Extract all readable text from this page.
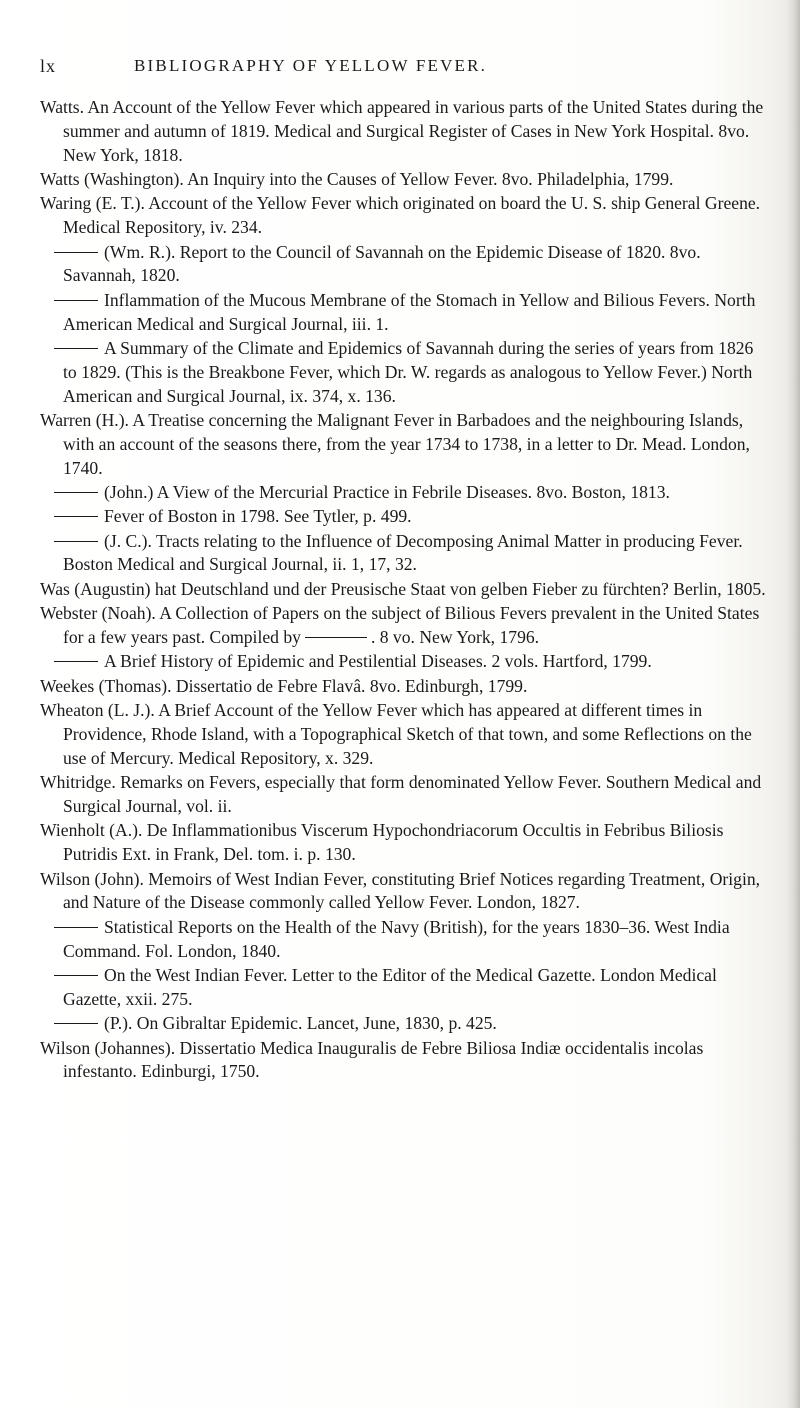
lx	BIBLIOGRAPHY OF YELLOW FEVER.

Watts. An Account of the Yellow Fever which appeared in various parts of the United States during the summer and autumn of 1819. Medical and Surgical Register of Cases in New York Hospital. 8vo. New York, 1818.

Watts (Washington). An Inquiry into the Causes of Yellow Fever. 8vo. Philadelphia, 1799.

Waring (E. T.). Account of the Yellow Fever which originated on board the U. S. ship General Greene. Medical Repository, iv. 234.

(Wm. R.). Report to the Council of Savannah on the Epidemic Disease of 1820. 8vo. Savannah, 1820.

Inflammation of the Mucous Membrane of the Stomach in Yellow and Bilious Fevers. North American Medical and Surgical Journal, iii. 1.

A Summary of the Climate and Epidemics of Savannah during the series of years from 1826 to 1829. (This is the Breakbone Fever, which Dr. W. regards as analogous to Yellow Fever.) North American and Surgical Journal, ix. 374, x. 136.

Warren (H.). A Treatise concerning the Malignant Fever in Barbadoes and the neighbouring Islands, with an account of the seasons there, from the year 1734 to 1738, in a letter to Dr. Mead. London, 1740.

(John.) A View of the Mercurial Practice in Febrile Diseases. 8vo. Boston, 1813.

Fever of Boston in 1798. See Tytler, p. 499.

(J. C.). Tracts relating to the Influence of Decomposing Animal Matter in producing Fever. Boston Medical and Surgical Journal, ii. 1, 17, 32.

Was (Augustin) hat Deutschland und der Preusische Staat von gelben Fieber zu fürchten? Berlin, 1805.

Webster (Noah). A Collection of Papers on the subject of Bilious Fevers prevalent in the United States for a few years past. Compiled by	. 8 vo. New York, 1796.

A Brief History of Epidemic and Pestilential Diseases. 2 vols. Hartford, 1799.

Weekes (Thomas). Dissertatio de Febre Flavâ. 8vo. Edinburgh, 1799.

Wheaton (L. J.). A Brief Account of the Yellow Fever which has appeared at different times in Providence, Rhode Island, with a Topographical Sketch of that town, and some Reflections on the use of Mercury. Medical Repository, x. 329.

Whitridge. Remarks on Fevers, especially that form denominated Yellow Fever. Southern Medical and Surgical Journal, vol. ii.

Wienholt (A.). De Inflammationibus Viscerum Hypochondriacorum Occultis in Febribus Biliosis Putridis Ext. in Frank, Del. tom. i. p. 130.

Wilson (John). Memoirs of West Indian Fever, constituting Brief Notices regarding Treatment, Origin, and Nature of the Disease commonly called Yellow Fever. London, 1827.

Statistical Reports on the Health of the Navy (British), for the years 1830–36. West India Command. Fol. London, 1840.

On the West Indian Fever. Letter to the Editor of the Medical Gazette. London Medical Gazette, xxii. 275.

(P.). On Gibraltar Epidemic. Lancet, June, 1830, p. 425.

Wilson (Johannes). Dissertatio Medica Inauguralis de Febre Biliosa Indiæ occidentalis incolas infestanto. Edinburgi, 1750.
